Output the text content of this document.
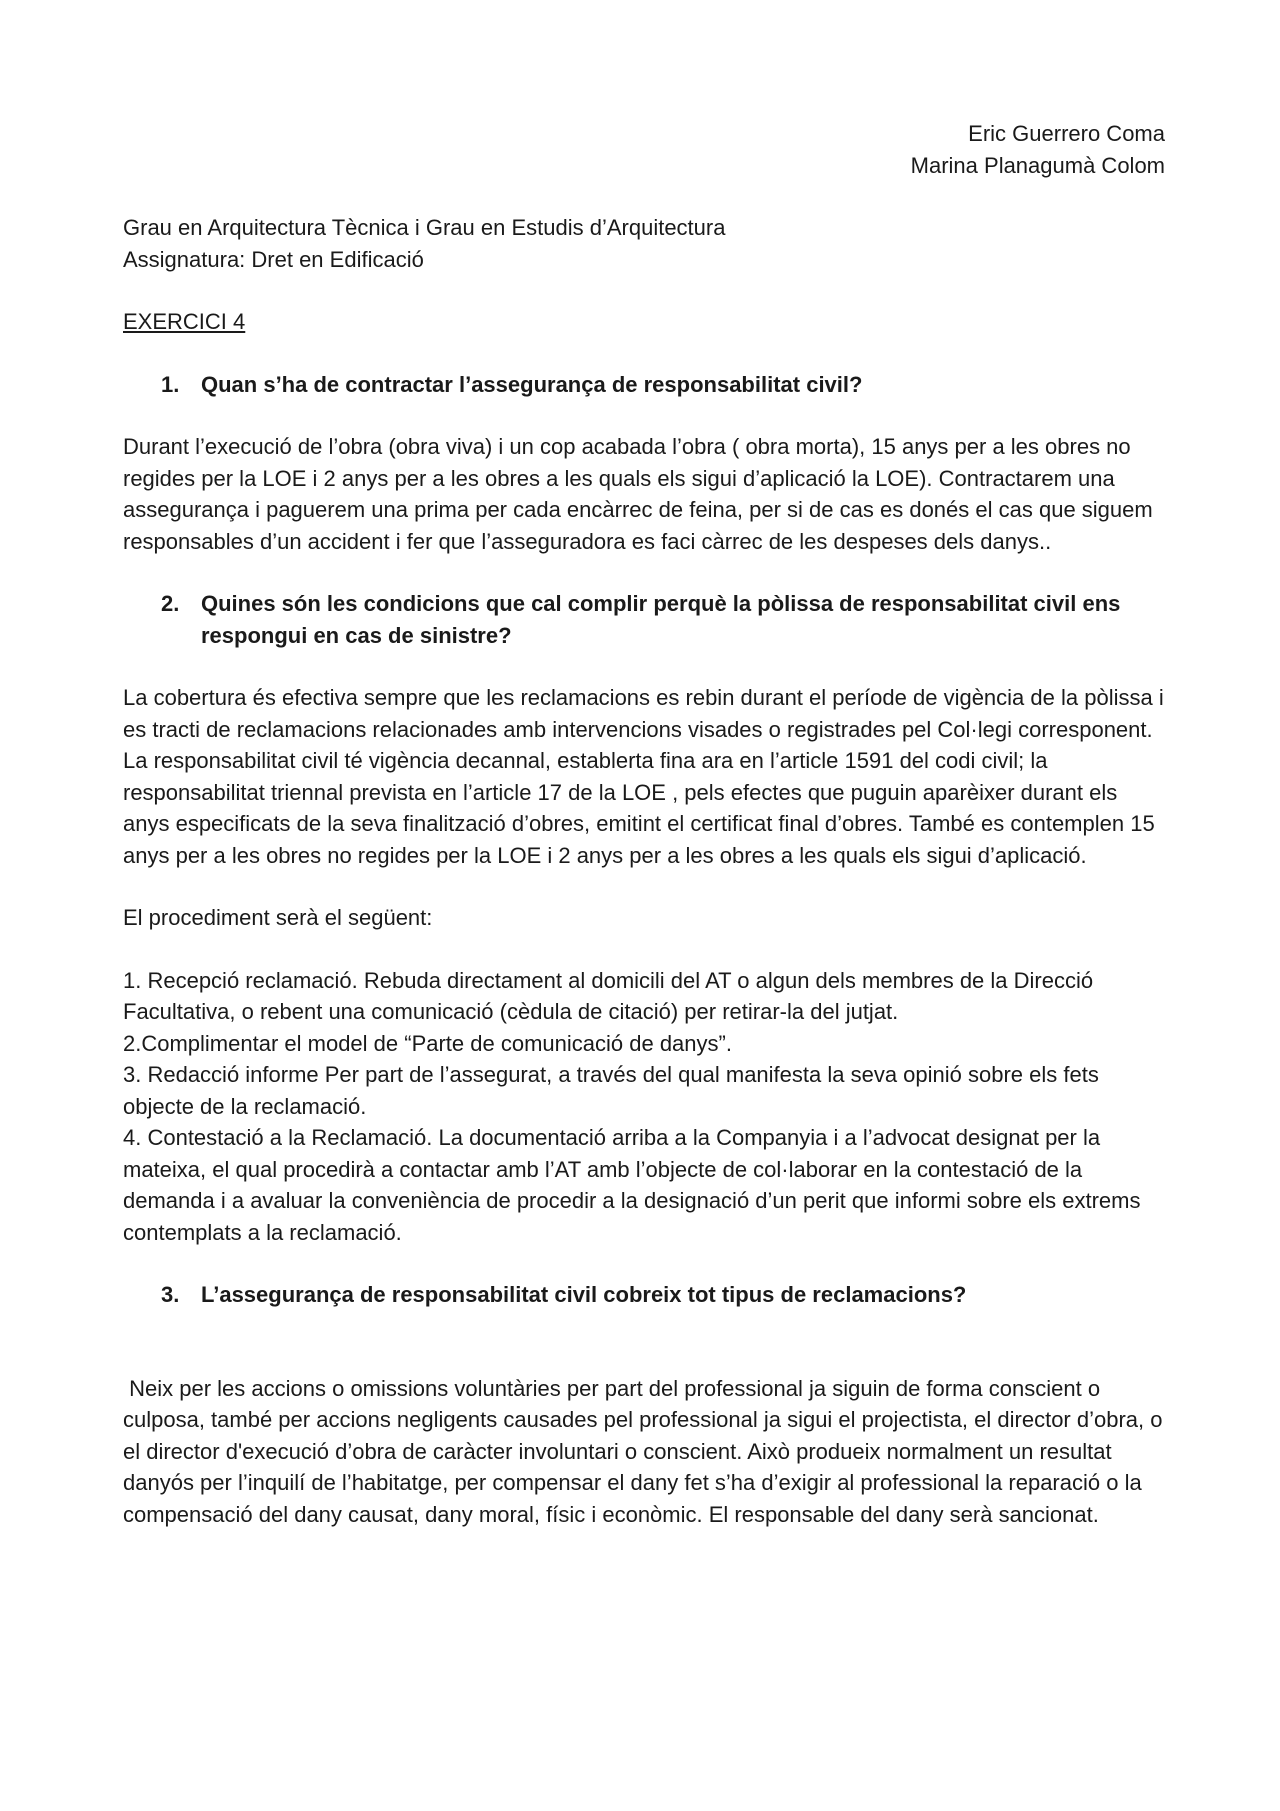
Eric Guerrero Coma
Marina Planagumà Colom
Grau en Arquitectura Tècnica i Grau en Estudis d’Arquitectura
Assignatura: Dret en Edificació
EXERCICI 4
1. Quan s’ha de contractar l’assegurança de responsabilitat civil?

Durant l’execució de l’obra (obra viva) i un cop acabada l’obra ( obra morta), 15 anys per a les obres no regides per la LOE i 2 anys per a les obres a les quals els sigui d’aplicació la LOE). Contractarem una assegurança i paguerem una prima per cada encàrrec de feina, per si de cas es donés el cas que siguem responsables d’un accident i fer que l’asseguradora es faci càrrec de les despeses dels danys..

2. Quines són les condicions que cal complir perquè la pòlissa de responsabilitat civil ens respongui en cas de sinistre?

La cobertura és efectiva sempre que les reclamacions es rebin durant el període de vigència de la pòlissa i es tracti de reclamacions relacionades amb intervencions visades o registrades pel Col·legi corresponent. La responsabilitat civil té vigència decannal, establerta fina ara en l’article 1591 del codi civil; la responsabilitat triennal prevista en l’article 17 de la LOE , pels efectes que puguin aparèixer durant els anys especificats de la seva finalització d’obres, emitint el certificat final d’obres. També es contemplen 15 anys per a les obres no regides per la LOE i 2 anys per a les obres a les quals els sigui d’aplicació.

El procediment serà el següent:

1. Recepció reclamació. Rebuda directament al domicili del AT o algun dels membres de la Direcció Facultativa, o rebent una comunicació (cèdula de citació) per retirar-la del jutjat.
2.Complimentar el model de “Parte de comunicació de danys”.
3. Redacció informe Per part de l’assegurat, a través del qual manifesta la seva opinió sobre els fets objecte de la reclamació.
4. Contestació a la Reclamació. La documentació arriba a la Companyia i a l’advocat designat per la mateixa, el qual procedirà a contactar amb l’AT amb l’objecte de col·laborar en la contestació de la demanda i a avaluar la conveniència de procedir a la designació d’un perit que informi sobre els extrems contemplats a la reclamació.
3. L’assegurança de responsabilitat civil cobreix tot tipus de reclamacions?

Neix per les accions o omissions voluntàries per part del professional ja siguin de forma conscient o culposa, també per accions negligents causades pel professional ja sigui el projectista, el director d’obra, o el director d'execució d’obra de caràcter involuntari o conscient. Això produeix normalment un resultat danyós per l’inquilí de l’habitatge, per compensar el dany fet s’ha d’exigir al professional la reparació o la compensació del dany causat, dany moral, físic i econòmic. El responsable del dany serà sancionat.
